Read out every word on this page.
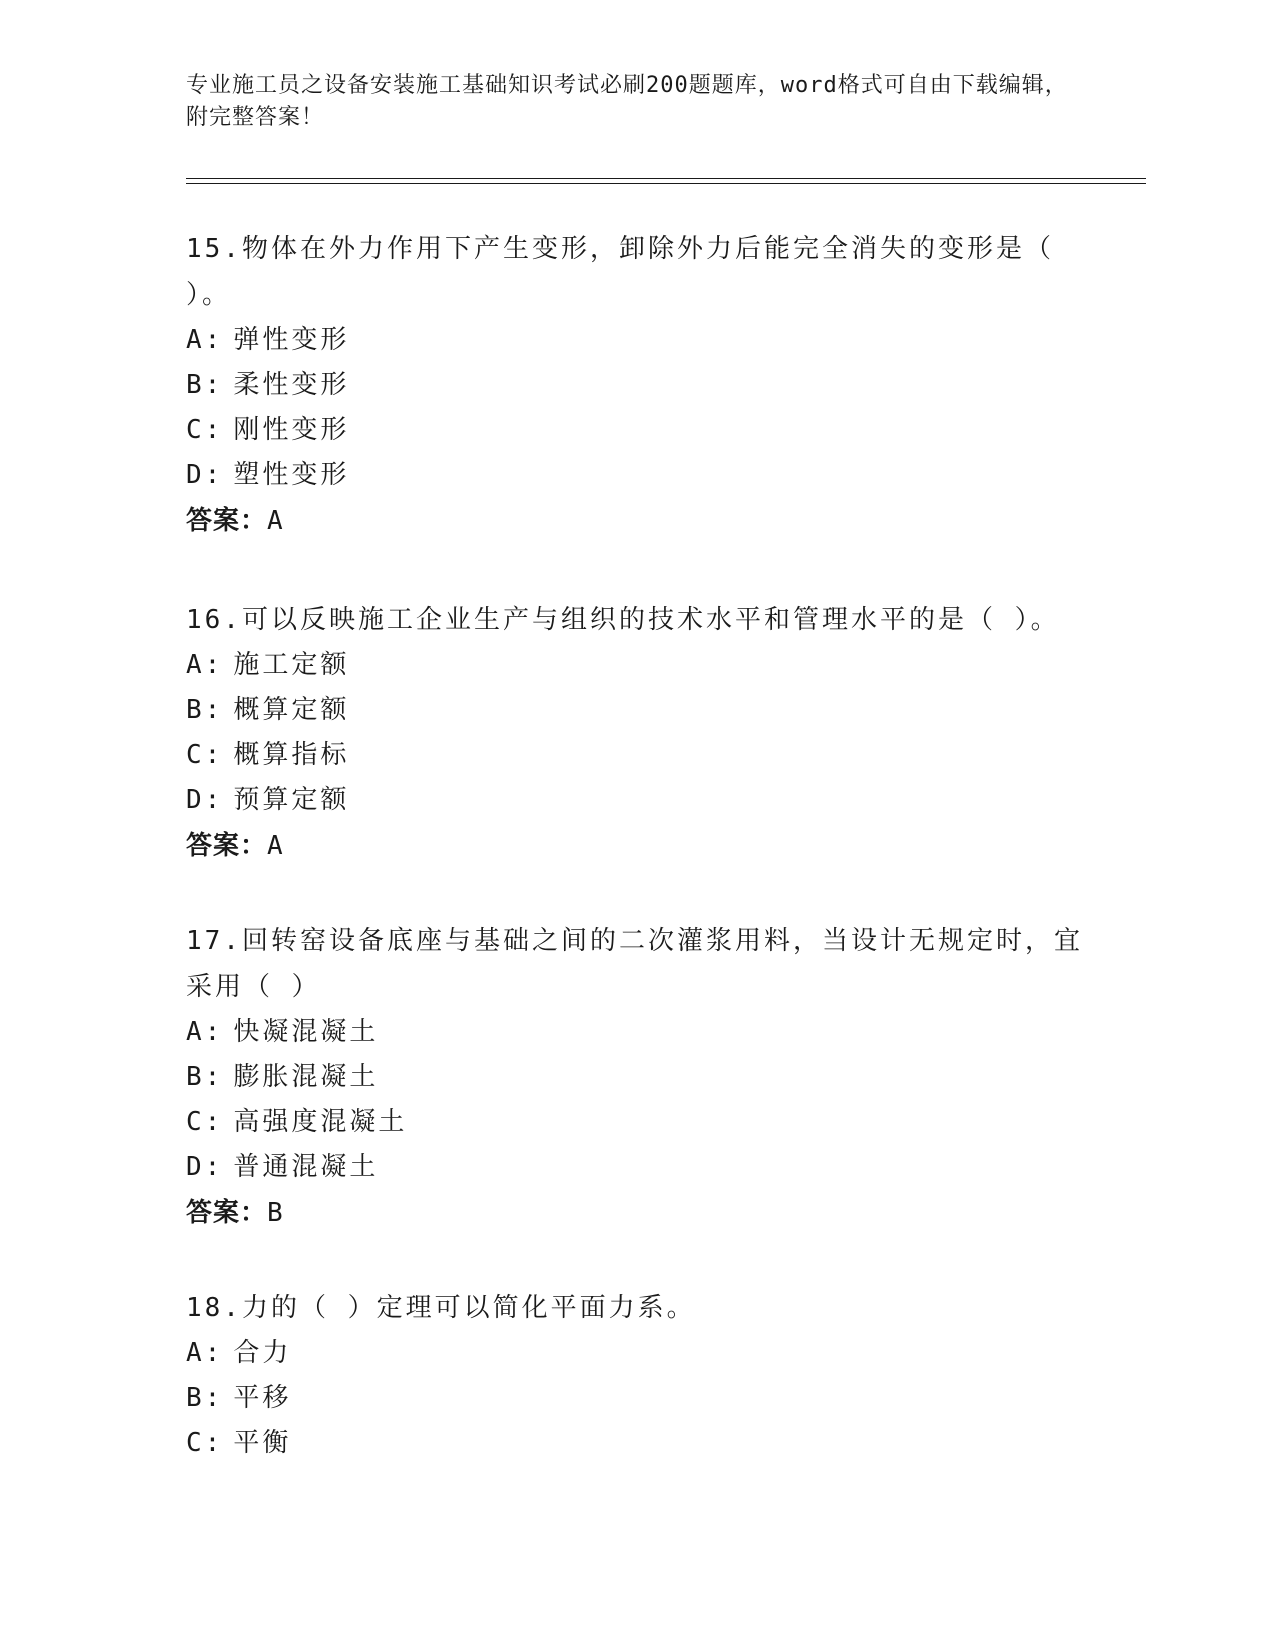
专业施工员之设备安装施工基础知识考试必刷200题题库，word格式可自由下载编辑，附完整答案！
15.物体在外力作用下产生变形，卸除外力后能完全消失的变形是（ ）。
A: 弹性变形
B: 柔性变形
C: 刚性变形
D: 塑性变形
答案：A
16.可以反映施工企业生产与组织的技术水平和管理水平的是（ ）。
A: 施工定额
B: 概算定额
C: 概算指标
D: 预算定额
答案：A
17.回转窑设备底座与基础之间的二次灌浆用料，当设计无规定时，宜采用（ ）
A: 快凝混凝土
B: 膨胀混凝土
C: 高强度混凝土
D: 普通混凝土
答案：B
18.力的（ ）定理可以简化平面力系。
A: 合力
B: 平移
C: 平衡
